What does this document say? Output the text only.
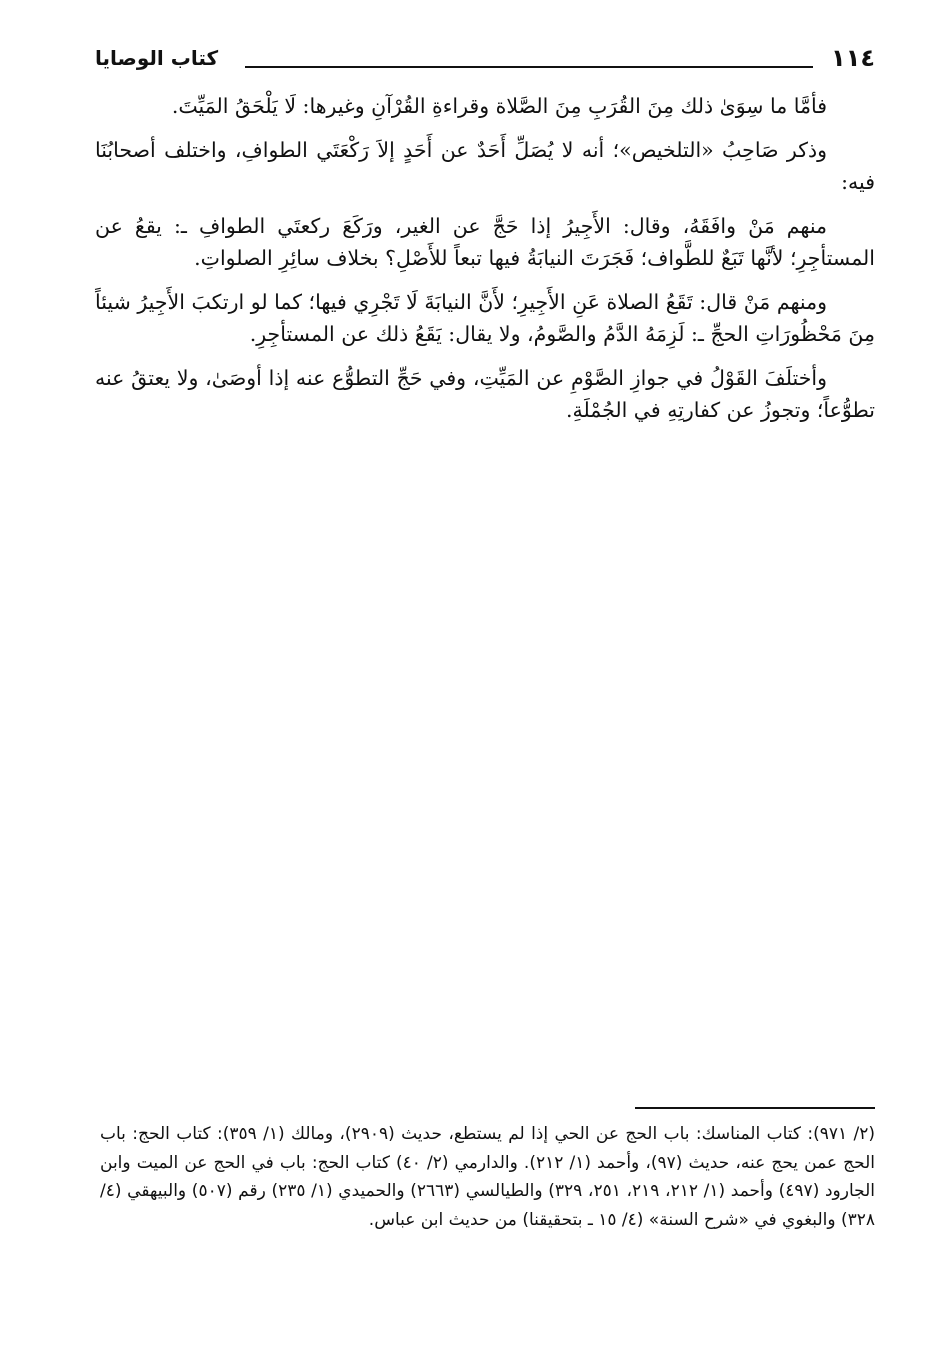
١١٤
كتاب الوصايا

فأمَّا ما سِوَىٰ ذلك مِنَ القُرَبِ مِنَ الصَّلاة وقراءةِ القُرْآنِ وغيرها: لَا يَلْحَقُ المَيِّتَ.

وذكر صَاحِبُ «التلخيص»؛ أنه لا يُصَلِّ أَحَدٌ عن أَحَدٍ إلاَ رَكْعَتَي الطوافِ، واختلف أصحابُنَا فيه:

منهم مَنْ وافَقَهُ، وقال: الأَجِيرُ إذا حَجَّ عن الغير، ورَكَعَ ركعتَي الطوافِ ـ: يقعُ عن المستأجِرِ؛ لأنَّها تَبَعٌ للطَّواف؛ فَجَرَتَ النيابَةُ فيها تبعاً للأَصْلِ؟ بخلاف سائِرِ الصلواتِ.

ومنهم مَنْ قال: تَقَعُ الصلاة عَنِ الأَجِيرِ؛ لأَنَّ النيابَةَ لَا تَجْرِي فيها؛ كما لو ارتكبَ الأَجِيرُ شيئاً مِنَ مَحْظُورَاتِ الحجِّ ـ: لَزِمَهُ الدَّمُ والصَّومُ، ولا يقال: يَقَعُ ذلك عن المستأجِرِ.

وأختلَفَ القَوْلُ في جوازِ الصَّوْمِ عن المَيِّتِ، وفي حَجِّ التطوُّع عنه إذا أوصَىٰ، ولا يعتقُ عنه تطوُّعاً؛ وتجوزُ عن كفارتِهِ في الجُمْلَةِ.

(٢/ ٩٧١): كتاب المناسك: باب الحج عن الحي إذا لم يستطع، حديث (٢٩٠٩)، ومالك (١/ ٣٥٩): كتاب الحج: باب الحج عمن يحج عنه، حديث (٩٧)، وأحمد (١/ ٢١٢). والدارمي (٢/ ٤٠) كتاب الحج: باب في الحج عن الميت وابن الجارود (٤٩٧) وأحمد (١/ ٢١٢، ٢١٩، ٢٥١، ٣٢٩) والطيالسي (٢٦٦٣) والحميدي (١/ ٢٣٥) رقم (٥٠٧) والبيهقي (٤/ ٣٢٨) والبغوي في «شرح السنة» (٤/ ١٥ ـ بتحقيقنا) من حديث ابن عباس.
